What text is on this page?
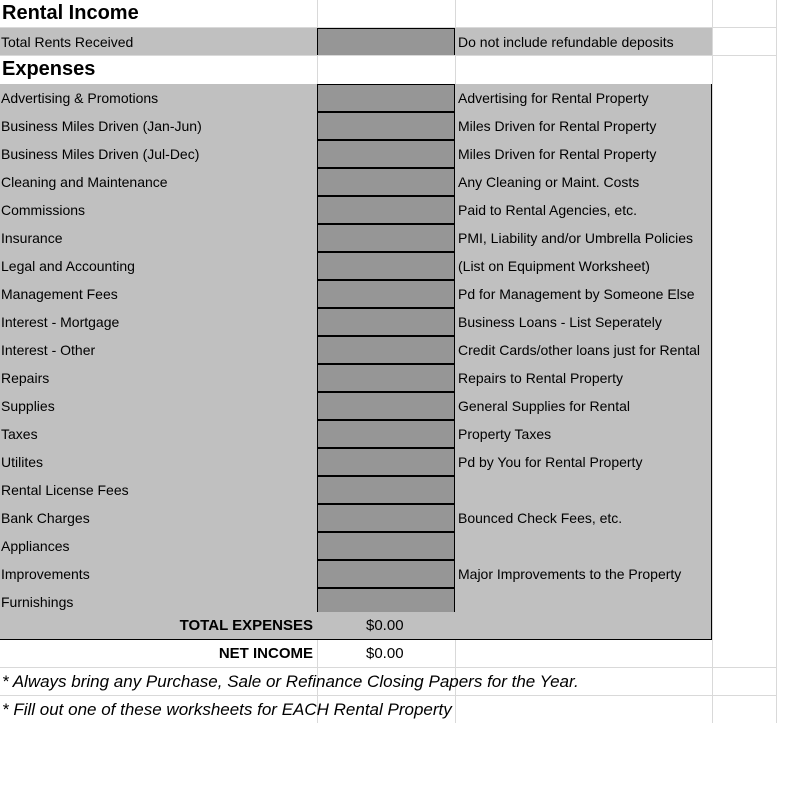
Rental Income
Total Rents Received	Do not include refundable deposits
Expenses
Advertising & Promotions	Advertising for Rental Property
Business Miles Driven (Jan-Jun)	Miles Driven for Rental Property
Business Miles Driven (Jul-Dec)	Miles Driven for Rental Property
Cleaning and Maintenance	Any Cleaning or Maint. Costs
Commissions	Paid to Rental Agencies, etc.
Insurance	PMI, Liability and/or Umbrella Policies
Legal and Accounting	(List on Equipment Worksheet)
Management Fees	Pd for Management by Someone Else
Interest - Mortgage	Business Loans - List Seperately
Interest - Other	Credit Cards/other loans just for Rental
Repairs	Repairs to Rental Property
Supplies	General Supplies for Rental
Taxes	Property Taxes
Utilites	Pd by You for Rental Property
Rental License Fees
Bank Charges	Bounced Check Fees, etc.
Appliances
Improvements	Major Improvements to the Property
Furnishings
TOTAL EXPENSES	$0.00
NET INCOME	$0.00
* Always bring any Purchase, Sale or Refinance Closing Papers for the Year.
* Fill out one of these worksheets for EACH Rental Property
